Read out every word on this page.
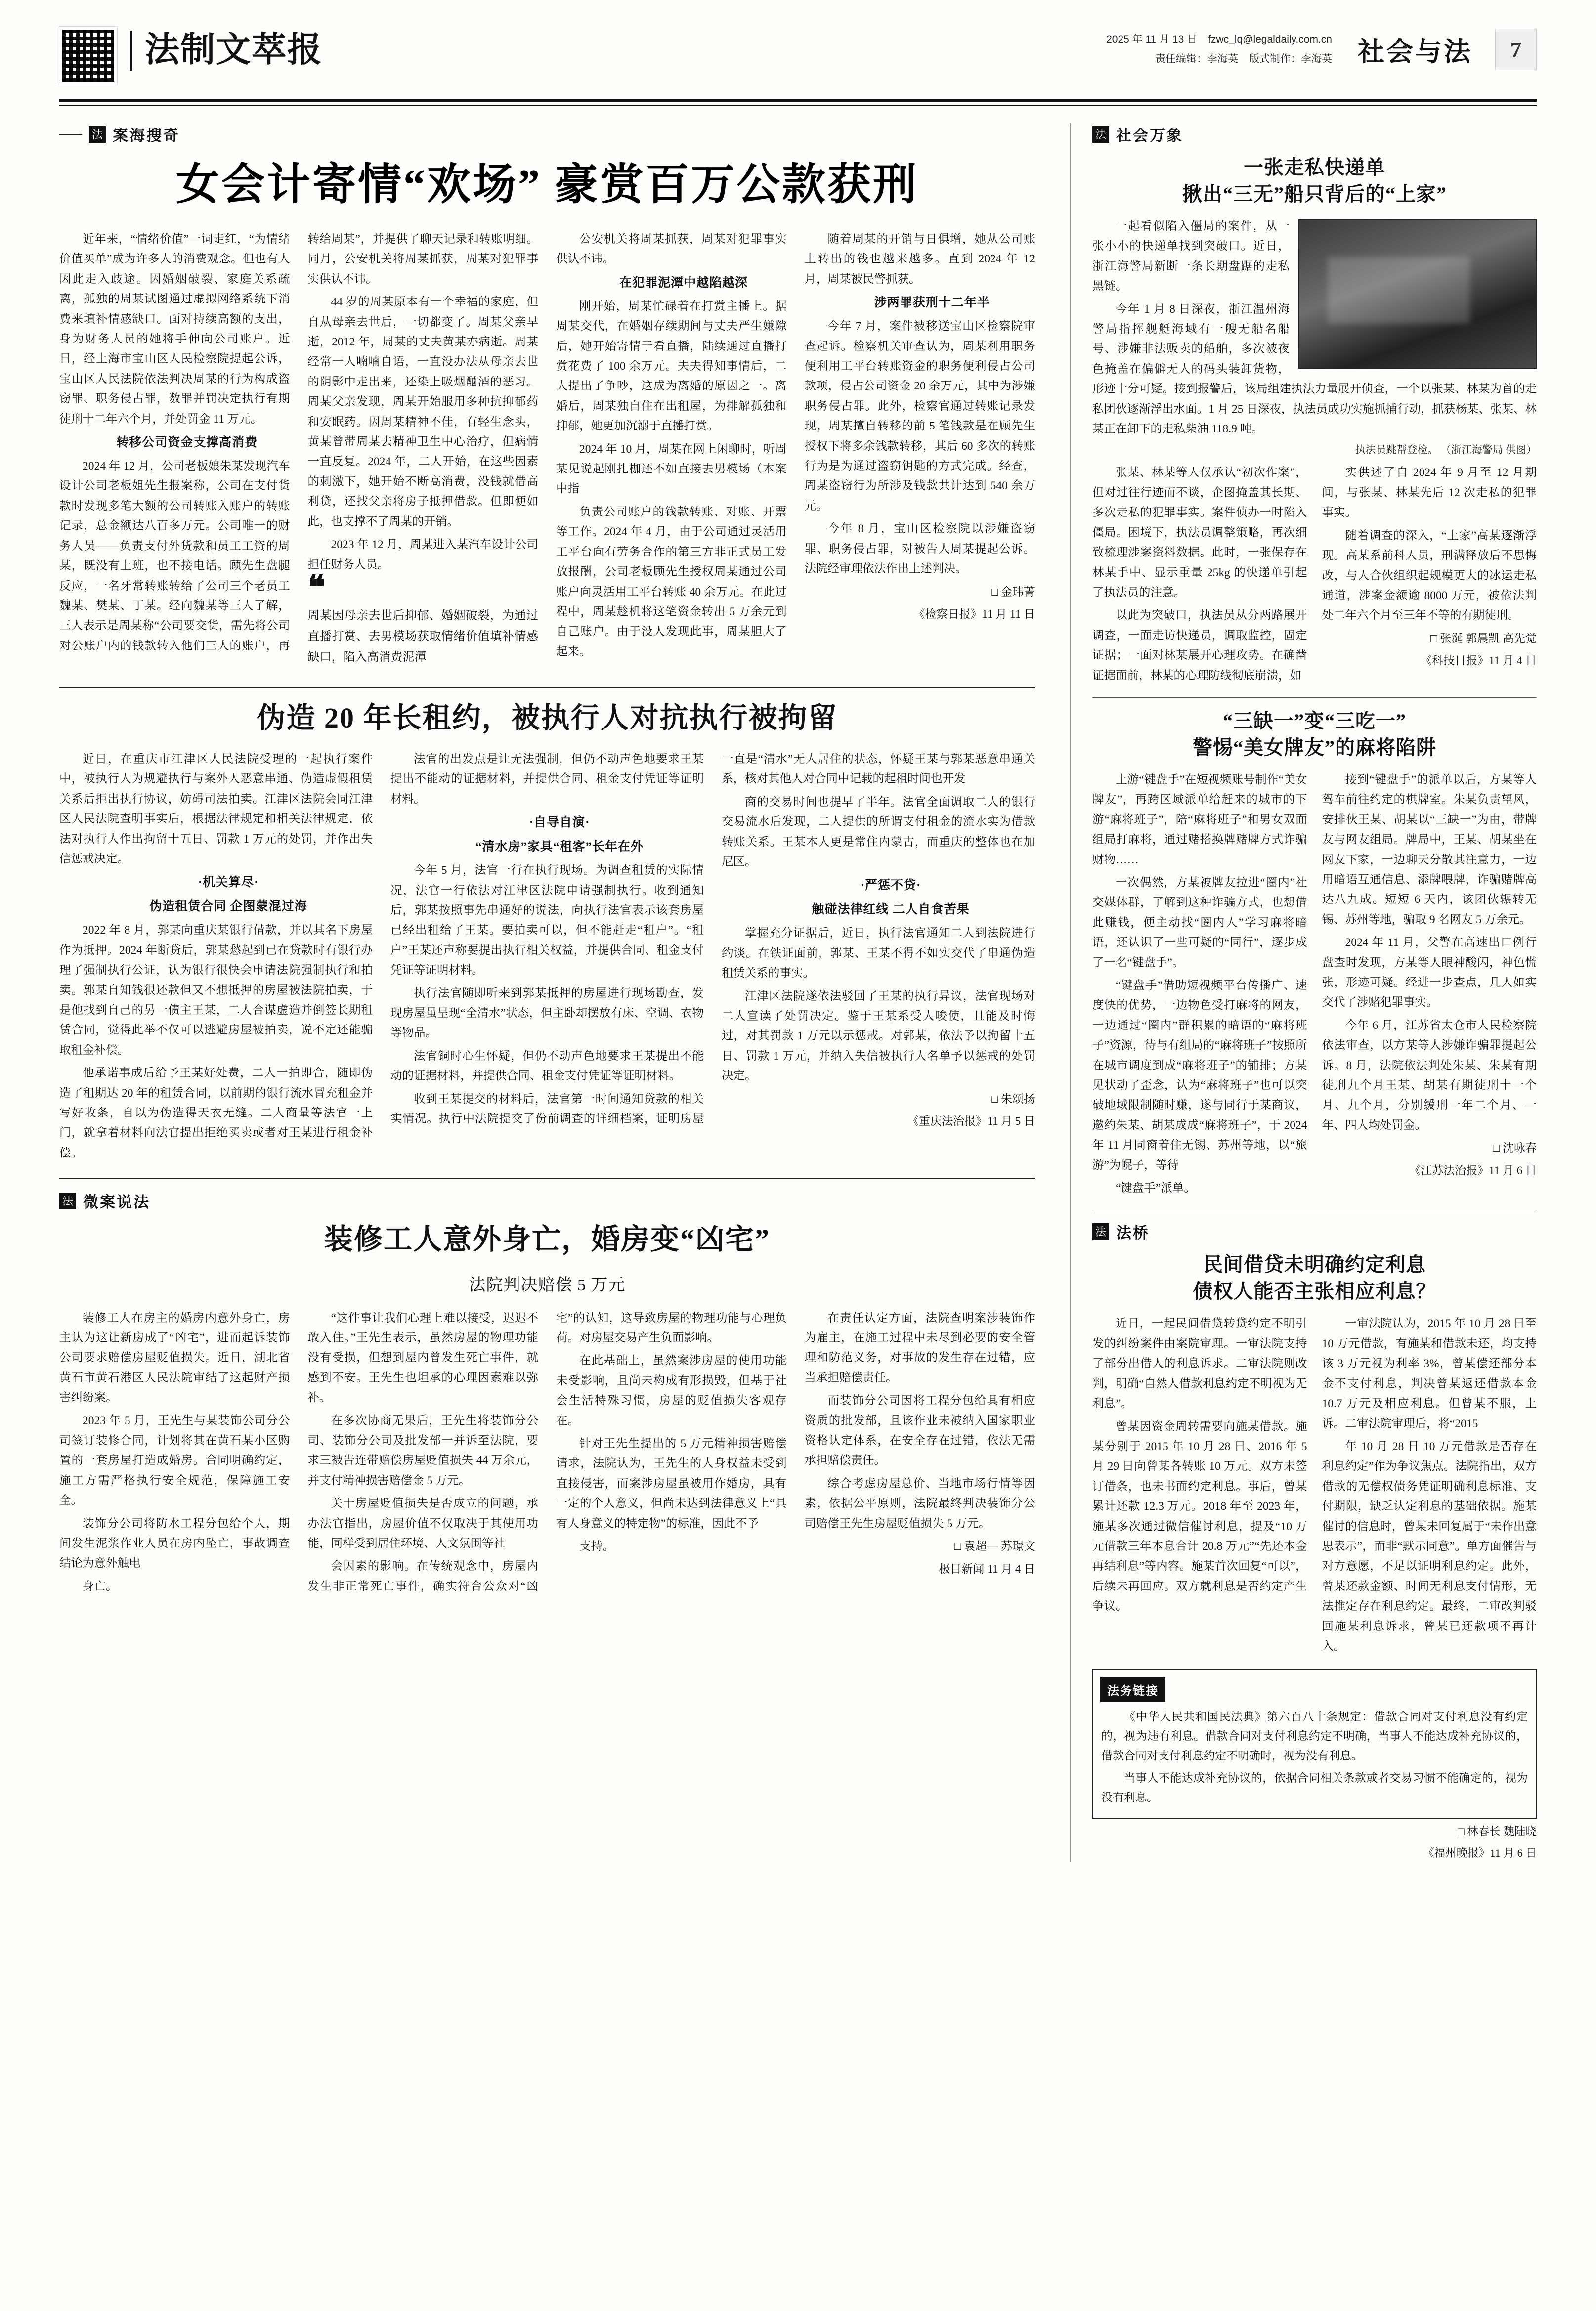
法制文萃报	2025 年 11 月 13 日 fzwc_lq@legaldaily.com.cn
责任编辑：李海英 版式制作：李海英 社会与法	7
法 案海搜奇
女会计寄情“欢场” 豪赏百万公款获刑

近年来，“情绪价值”一词走红，“为情绪价值买单”成为许多人的消费观念。但也有人因此走入歧途。因婚姻破裂、家庭关系疏离，孤独的周某试图通过虚拟网络系统下消费来填补情感缺口。面对持续高额的支出，身为财务人员的她将手伸向公司账户。近日，经上海市宝山区人民检察院提起公诉，宝山区人民法院依法判决周某的行为构成盗窃罪、职务侵占罪，数罪并罚决定执行有期徒刑十二年六个月，并处罚金 11 万元。

转移公司资金支撑高消费

2024 年 12 月，公司老板娘朱某发现汽车设计公司老板姐先生报案称，公司在支付货款时发现多笔大额的公司转账入账户的转账记录，总金额达八百多万元。公司唯一的财务人员——负责支付外货款和员工工资的周某，既没有上班，也不接电话。顾先生盘腿反应，一名牙常转账转给了公司三个老员工魏某、樊某、丁某。经向魏某等三人了解，三人表示是周某称“公司要交货，需先将公司对公账户内的钱款转入他们三人的账户，再转给周某”，并提供了聊天记录和转账明细。同月，公安机关将周某抓获，周某对犯罪事实供认不讳。

44 岁的周某原本有一个幸福的家庭，但自从母亲去世后，一切都变了。周某父亲早逝，2012 年，周某的丈夫黄某亦病逝。周某经常一人喃喃自语，一直没办法从母亲去世的阴影中走出来，还染上吸烟酗酒的恶习。周某父亲发现，周某开始服用多种抗抑郁药和安眠药。因周某精神不佳，有轻生念头，黄某曾带周某去精神卫生中心治疗，但病情一直反复。2024 年，二人开始，在这些因素的刺激下，她开始不断高消费，没钱就借高利贷，还找父亲将房子抵押借款。但即便如此，也支撑不了周某的开销。

2023 年 12 月，周某进入某汽车设计公司担任财务人员。

❝
周某因母亲去世后抑郁、婚姻破裂，为通过直播打赏、去男模场获取情绪价值填补情感缺口，陷入高消费泥潭

公安机关将周某抓获，周某对犯罪事实供认不讳。

在犯罪泥潭中越陷越深

刚开始，周某忙碌着在打赏主播上。据周某交代，在婚姻存续期间与丈夫严生嫌隙后，她开始寄情于看直播，陆续通过直播打赏花费了 100 余万元。夫夫得知事情后，二人提出了争吵，这成为离婚的原因之一。离婚后，周某独自住在出租屋，为排解孤独和抑郁，她更加沉溺于直播打赏。

2024 年 10 月，周某在网上闲聊时，听周某见说起刚扎枷还不如直接去男模场（本案中指

负责公司账户的钱款转账、对账、开票等工作。2024 年 4 月，由于公司通过灵活用工平台向有劳务合作的第三方非正式员工发放报酬，公司老板顾先生授权周某通过公司账户向灵活用工平台转账 40 余万元。在此过程中，周某趁机将这笔资金转出 5 万余元到自己账户。由于没人发现此事，周某胆大了起来。

随着周某的开销与日俱增，她从公司账上转出的钱也越来越多。直到 2024 年 12 月，周某被民警抓获。

涉两罪获刑十二年半

今年 7 月，案件被移送宝山区检察院审查起诉。检察机关审查认为，周某利用职务便利用工平台转账资金的职务便利侵占公司款项，侵占公司资金 20 余万元，其中为涉嫌职务侵占罪。此外，检察官通过转账记录发现，周某擅自转移的前 5 笔钱款是在顾先生授权下将多余钱款转移，其后 60 多次的转账行为是为通过盗窃钥匙的方式完成。经查，周某盗窃行为所涉及钱款共计达到 540 余万元。

今年 8 月，宝山区检察院以涉嫌盗窃罪、职务侵占罪，对被告人周某提起公诉。法院经审理依法作出上述判决。

□ 金玮菁

《检察日报》11 月 11 日

伪造 20 年长租约，被执行人对抗执行被拘留

近日，在重庆市江津区人民法院受理的一起执行案件中，被执行人为规避执行与案外人恶意串通、伪造虚假租赁关系后拒出执行协议，妨碍司法拍卖。江津区法院会同江津区人民法院查明事实后，根据法律规定和相关法律规定，依法对执行人作出拘留十五日、罚款 1 万元的处罚，并作出失信惩戒决定。

·机关算尽·

伪造租赁合同 企图蒙混过海

2022 年 8 月，郭某向重庆某银行借款，并以其名下房屋作为抵押。2024 年断贷后，郭某愁起到已在贷款时有银行办理了强制执行公证，认为银行很快会申请法院强制执行和拍卖。郭某自知钱很还款但又不想抵押的房屋被法院拍卖，于是他找到自己的另一债主王某，二人合谋虚造并倒签长期租赁合同，觉得此举不仅可以逃避房屋被拍卖，说不定还能骗取租金补偿。

他承诺事成后给予王某好处费，二人一拍即合，随即伪造了租期达 20 年的租赁合同，以前期的银行流水冒充租金并写好收条，自以为伪造得天衣无缝。二人商量等法官一上门，就拿着材料向法官提出拒绝买卖或者对王某进行租金补偿。

法官的出发点是让无法强制，但仍不动声色地要求王某提出不能动的证据材料，并提供合同、租金支付凭证等证明材料。

·自导自演·

“清水房”家具“租客”长年在外

今年 5 月，法官一行在执行现场。为调查租赁的实际情况，法官一行依法对江津区法院申请强制执行。收到通知后，郭某按照事先串通好的说法，向执行法官表示该套房屋已经出租给了王某。要拍卖可以，但不能赶走“租户”。“租户”王某还声称要提出执行相关权益，并提供合同、租金支付凭证等证明材料。

执行法官随即听来到郭某抵押的房屋进行现场勘查，发现房屋虽呈现“全清水”状态，但主卧却摆放有床、空调、衣物等物品。

法官铜时心生怀疑，但仍不动声色地要求王某提出不能动的证据材料，并提供合同、租金支付凭证等证明材料。

收到王某提交的材料后，法官第一时间通知贷款的相关实情况。执行中法院提交了份前调查的详细档案，证明房屋一直是“清水”无人居住的状态，怀疑王某与郭某恶意串通关系，核对其他人对合同中记载的起租时间也开发

商的交易时间也提早了半年。法官全面调取二人的银行交易流水后发现，二人提供的所谓支付租金的流水实为借款转账关系。王某本人更是常住内蒙古，而重庆的整体也在加尼区。

·严惩不贷·

触碰法律红线 二人自食苦果

掌握充分证据后，近日，执行法官通知二人到法院进行约谈。在铁证面前，郭某、王某不得不如实交代了串通伪造租赁关系的事实。

江津区法院遂依法驳回了王某的执行异议，法官现场对二人宣读了处罚决定。鉴于王某系受人唆使，且能及时悔过，对其罚款 1 万元以示惩戒。对郭某，依法予以拘留十五日、罚款 1 万元，并纳入失信被执行人名单予以惩戒的处罚决定。

□ 朱颂扬

《重庆法治报》11 月 5 日

法 微案说法
装修工人意外身亡，婚房变“凶宅”
法院判决赔偿 5 万元

装修工人在房主的婚房内意外身亡，房主认为这让新房成了“凶宅”，进而起诉装饰公司要求赔偿房屋贬值损失。近日，湖北省黄石市黄石港区人民法院审结了这起财产损害纠纷案。

2023 年 5 月，王先生与某装饰公司分公司签订装修合同，计划将其在黄石某小区购置的一套房屋打造成婚房。合同明确约定，施工方需严格执行安全规范，保障施工安全。

装饰分公司将防水工程分包给个人，期间发生泥浆作业人员在房内坠亡，事故调查结论为意外触电

身亡。

“这件事让我们心理上难以接受，迟迟不敢入住。”王先生表示，虽然房屋的物理功能没有受损，但想到屋内曾发生死亡事件，就感到不安。王先生也坦承的心理因素难以弥补。

在多次协商无果后，王先生将装饰分公司、装饰分公司及批发部一并诉至法院，要求三被告连带赔偿房屋贬值损失 44 万余元，并支付精神损害赔偿金 5 万元。

关于房屋贬值损失是否成立的问题，承办法官指出，房屋价值不仅取决于其使用功能，同样受到居住环境、人文氛围等社

会因素的影响。在传统观念中，房屋内发生非正常死亡事件，确实符合公众对“凶宅”的认知，这导致房屋的物理功能与心理负荷。对房屋交易产生负面影响。

在此基础上，虽然案涉房屋的使用功能未受影响，且尚未构成有形损毁，但基于社会生活特殊习惯，房屋的贬值损失客观存在。

针对王先生提出的 5 万元精神损害赔偿请求，法院认为，王先生的人身权益未受到直接侵害，而案涉房屋虽被用作婚房，具有一定的个人意义，但尚未达到法律意义上“具有人身意义的特定物”的标准，因此不予

支持。

在责任认定方面，法院查明案涉装饰作为雇主，在施工过程中未尽到必要的安全管理和防范义务，对事故的发生存在过错，应当承担赔偿责任。

而装饰分公司因将工程分包给具有相应资质的批发部，且该作业未被纳入国家职业资格认定体系，在安全存在过错，依法无需承担赔偿责任。

综合考虑房屋总价、当地市场行情等因素，依据公平原则，法院最终判决装饰分公司赔偿王先生房屋贬值损失 5 万元。

□ 袁超— 苏璟文

极目新闻 11 月 4 日

法 社会万象
一张走私快递单
揪出“三无”船只背后的“上家”

一起看似陷入僵局的案件，从一张小小的快递单找到突破口。近日，浙江海警局新断一条长期盘踞的走私黑链。

今年 1 月 8 日深夜，浙江温州海警局指挥舰艇海域有一艘无船名船号、涉嫌非法贩卖的船舶，多次被夜色掩盖在偏僻无人的码头装卸货物，形迹十分可疑。接到报警后，该局组建执法力量展开侦查，一个以张某、林某为首的走私团伙逐渐浮出水面。1 月 25 日深夜，执法员成功实施抓捕行动，抓获杨某、张某、林某正在卸下的走私柴油 118.9 吨。

执法员跳帮登检。 （浙江海警局 供图）

张某、林某等人仅承认“初次作案”，但对过往行迹而不谈，企图掩盖其长期、多次走私的犯罪事实。案件侦办一时陷入僵局。困境下，执法员调整策略，再次细致梳理涉案资料数据。此时，一张保存在林某手中、显示重量 25kg 的快递单引起了执法员的注意。

以此为突破口，执法员从分两路展开调查，一面走访快递员，调取监控，固定证据；一面对林某展开心理攻势。在确凿证据面前，林某的心理防线彻底崩溃，如

实供述了自 2024 年 9 月至 12 月期间，与张某、林某先后 12 次走私的犯罪事实。

随着调查的深入，“上家”高某逐渐浮现。高某系前科人员，刑满释放后不思悔改，与人合伙组织起规模更大的冰运走私通道，涉案金额逾 8000 万元，被依法判处二年六个月至三年不等的有期徒刑。

□ 张涎 郭晨凯 高先觉

《科技日报》11 月 4 日

“三缺一”变“三吃一”
警惕“美女牌友”的麻将陷阱

上游“键盘手”在短视频账号制作“美女牌友”，再跨区域派单给赶来的城市的下游“麻将班子”，陪“麻将班子”和男女双面组局打麻将，通过赌搭换牌赌牌方式诈骗财物……

一次偶然，方某被牌友拉进“圈内”社交媒体群，了解到这种诈骗方式，也想借此赚钱，便主动找“圈内人”学习麻将暗语，还认识了一些可疑的“同行”，逐步成了一名“键盘手”。

“键盘手”借助短视频平台传播广、速度快的优势，一边物色受打麻将的网友，一边通过“圈内”群积累的暗语的“麻将班子”资源，待与有组局的“麻将班子”按照所在城市调度到成“麻将班子”的铺排；方某见状动了歪念，认为“麻将班子”也可以突破地域限制随时赚，遂与同行于某商议，邀约朱某、胡某成成“麻将班子”，于 2024 年 11 月同窗着住无锡、苏州等地，以“旅游”为幌子，等待

“键盘手”派单。

接到“键盘手”的派单以后，方某等人驾车前往约定的棋牌室。朱某负责望风，安排伙王某、胡某以“三缺一”为由，带牌友与网友组局。牌局中，王某、胡某坐在网友下家，一边聊天分散其注意力，一边用暗语互通信息、添牌喂牌，诈骗赌牌高达八九成。短短 6 天内，该团伙辗转无锡、苏州等地，骗取 9 名网友 5 万余元。

2024 年 11 月，父警在高速出口例行盘查时发现，方某等人眼神酸闪，神色慌张，形迹可疑。经进一步查点，几人如实交代了涉赌犯罪事实。

今年 6 月，江苏省太仓市人民检察院依法审查，以方某等人涉嫌诈骗罪提起公诉。8 月，法院依法判处朱某、朱某有期徒刑九个月王某、胡某有期徒刑十一个月、九个月，分别缓刑一年二个月、一年、四人均处罚金。

□ 沈咏春

《江苏法治报》11 月 6 日

法 法桥
民间借贷未明确约定利息
债权人能否主张相应利息？

近日，一起民间借贷转贷约定不明引发的纠纷案件由案院审理。一审法院支持了部分出借人的利息诉求。二审法院则改判，明确“自然人借款利息约定不明视为无利息”。

曾某因资金周转需要向施某借款。施某分别于 2015 年 10 月 28 日、2016 年 5 月 29 日向曾某各转账 10 万元。双方未签订借条，也未书面约定利息。事后，曾某累计还款 12.3 万元。2018 年至 2023 年，施某多次通过微信催讨利息，提及“10 万元借款三年本息合计 20.8 万元”“先还本金再结利息”等内容。施某首次回复“可以”，后续未再回应。双方就利息是否约定产生争议。

一审法院认为，2015 年 10 月 28 日至 10 万元借款，有施某和借款未还，均支持该 3 万元视为利率 3%，曾某偿还部分本金不支付利息，判决曾某返还借款本金 10.7 万元及相应利息。但曾某不服，上诉。二审法院审理后，将“2015

年 10 月 28 日 10 万元借款是否存在利息约定”作为争议焦点。法院指出，双方借款的无偿权债务凭证明确利息标准、支付期限，缺乏认定利息的基础依据。施某催讨的信息时，曾某未回复属于“未作出意思表示”，而非“默示同意”。单方面催告与对方意愿，不足以证明利息约定。此外，曾某还款金额、时间无利息支付情形，无法推定存在利息约定。最终，二审改判驳回施某利息诉求，曾某已还款项不再计入。

法务链接

《中华人民共和国民法典》第六百八十条规定：借款合同对支付利息没有约定的，视为违有利息。借款合同对支付利息约定不明确，当事人不能达成补充协议的，借款合同对支付利息约定不明确时，视为没有利息。

当事人不能达成补充协议的，依据合同相关条款或者交易习惯不能确定的，视为没有利息。

□ 林春长 魏陆晓
《福州晚报》11 月 6 日
